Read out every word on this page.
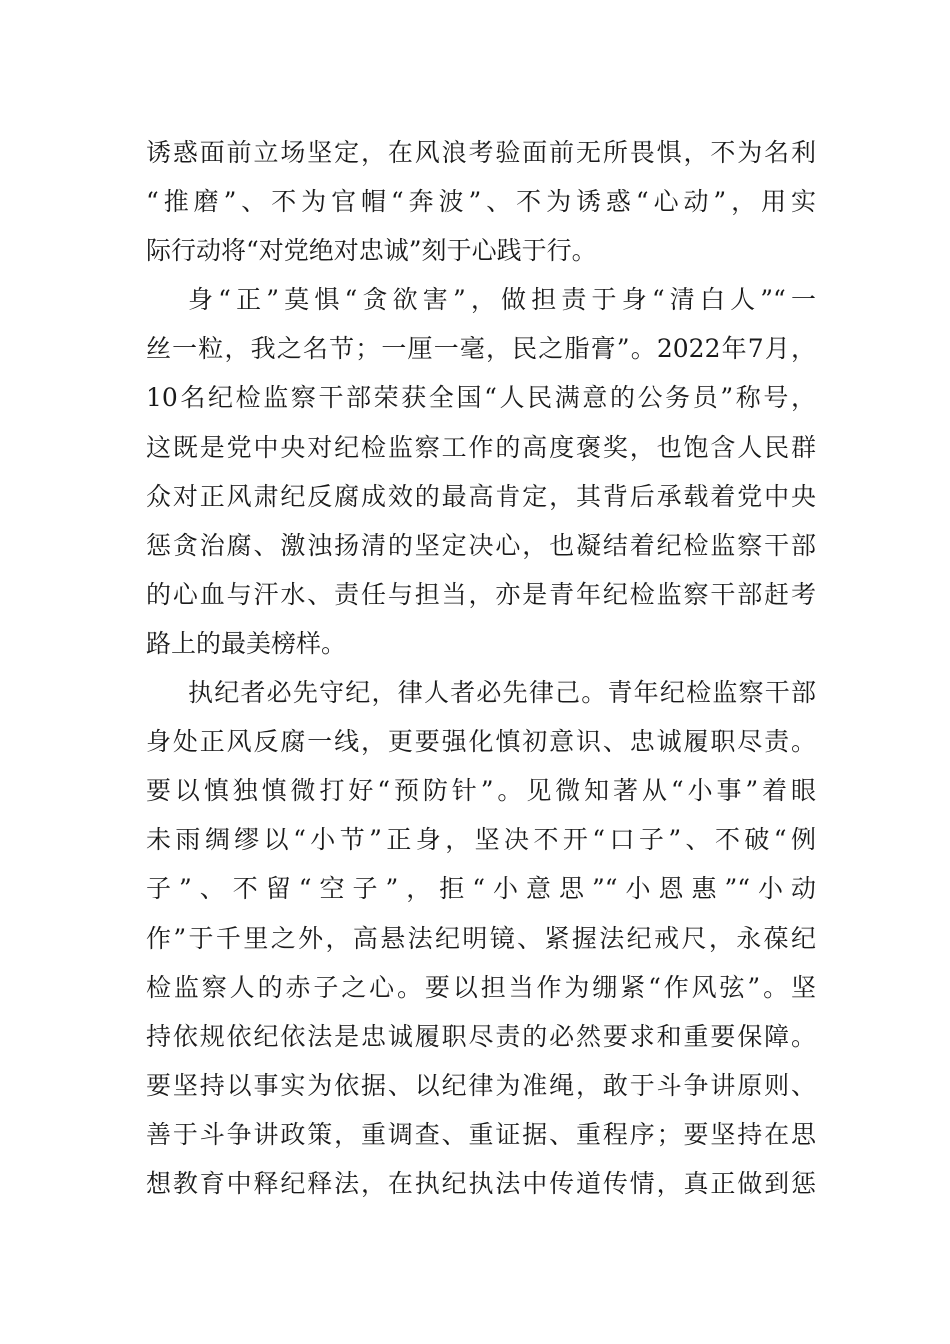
诱惑面前立场坚定，在风浪考验面前无所畏惧，不为名利
“推磨”、不为官帽“奔波”、不为诱惑“心动”，用实
际行动将“对党绝对忠诚”刻于心践于行。
身“正”莫惧“贪欲害”，做担责于身“清白人”“一
丝一粒，我之名节；一厘一毫，民之脂膏”。2022年7月，
10名纪检监察干部荣获全国“人民满意的公务员”称号，
这既是党中央对纪检监察工作的高度褒奖，也饱含人民群
众对正风肃纪反腐成效的最高肯定，其背后承载着党中央
惩贪治腐、激浊扬清的坚定决心，也凝结着纪检监察干部
的心血与汗水、责任与担当，亦是青年纪检监察干部赶考
路上的最美榜样。
执纪者必先守纪，律人者必先律己。青年纪检监察干部
身处正风反腐一线，更要强化慎初意识、忠诚履职尽责。
要以慎独慎微打好“预防针”。见微知著从“小事”着眼
未雨绸缪以“小节”正身，坚决不开“口子”、不破“例
子”、不留“空子”，拒“小意思”“小恩惠”“小动
作”于千里之外，高悬法纪明镜、紧握法纪戒尺，永葆纪
检监察人的赤子之心。要以担当作为绷紧“作风弦”。坚
持依规依纪依法是忠诚履职尽责的必然要求和重要保障。
要坚持以事实为依据、以纪律为准绳，敢于斗争讲原则、
善于斗争讲政策，重调查、重证据、重程序；要坚持在思
想教育中释纪释法，在执纪执法中传道传情，真正做到惩
